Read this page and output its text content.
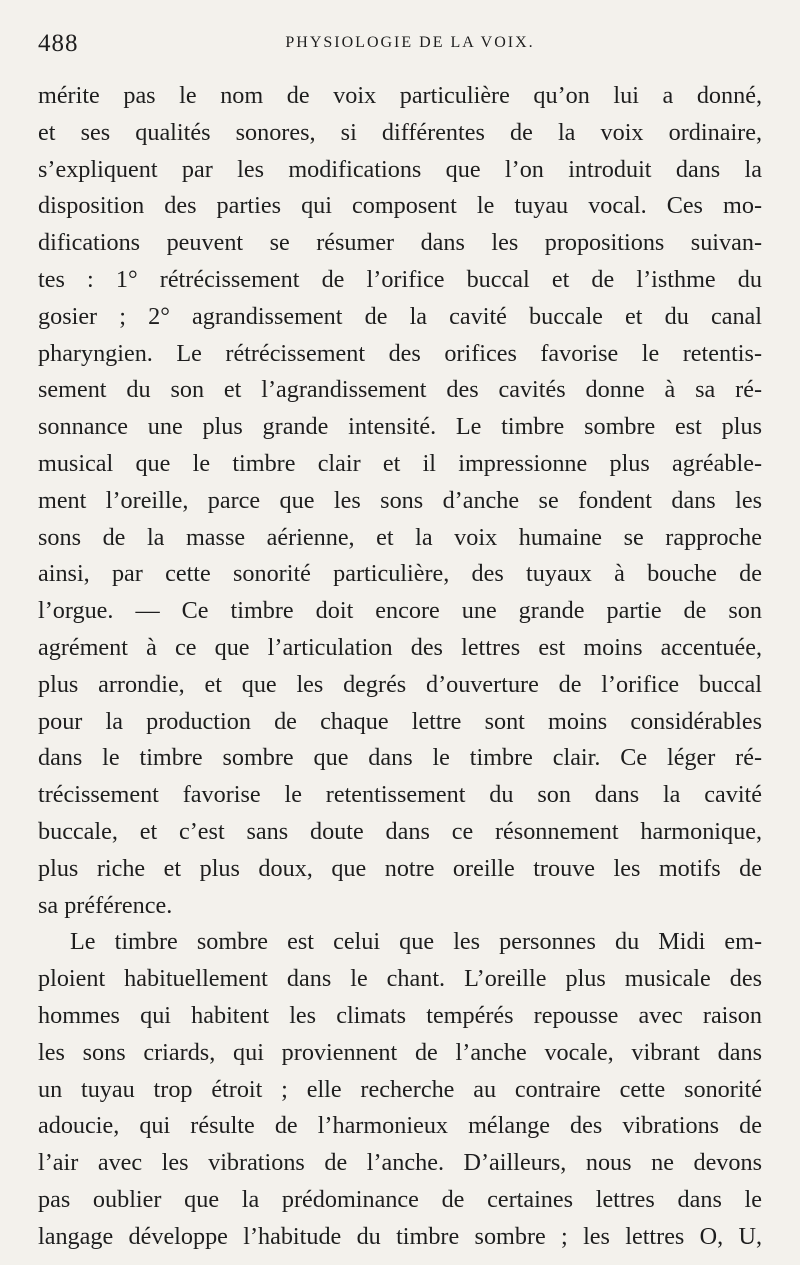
488	PHYSIOLOGIE DE LA VOIX.
mérite pas le nom de voix particulière qu’on lui a donné,
et ses qualités sonores, si différentes de la voix ordinaire,
s’expliquent par les modifications que l’on introduit dans la
disposition des parties qui composent le tuyau vocal. Ces mo-
difications peuvent se résumer dans les propositions suivan-
tes : 1° rétrécissement de l’orifice buccal et de l’isthme du
gosier ; 2° agrandissement de la cavité buccale et du canal
pharyngien. Le rétrécissement des orifices favorise le retentis-
sement du son et l’agrandissement des cavités donne à sa ré-
sonnance une plus grande intensité. Le timbre sombre est plus
musical que le timbre clair et il impressionne plus agréable-
ment l’oreille, parce que les sons d’anche se fondent dans les
sons de la masse aérienne, et la voix humaine se rapproche
ainsi, par cette sonorité particulière, des tuyaux à bouche de
l’orgue. — Ce timbre doit encore une grande partie de son
agrément à ce que l’articulation des lettres est moins accentuée,
plus arrondie, et que les degrés d’ouverture de l’orifice buccal
pour la production de chaque lettre sont moins considérables
dans le timbre sombre que dans le timbre clair. Ce léger ré-
trécissement favorise le retentissement du son dans la cavité
buccale, et c’est sans doute dans ce résonnement harmonique,
plus riche et plus doux, que notre oreille trouve les motifs de
sa préférence.
Le timbre sombre est celui que les personnes du Midi em-
ploient habituellement dans le chant. L’oreille plus musicale des
hommes qui habitent les climats tempérés repousse avec raison
les sons criards, qui proviennent de l’anche vocale, vibrant dans
un tuyau trop étroit ; elle recherche au contraire cette sonorité
adoucie, qui résulte de l’harmonieux mélange des vibrations de
l’air avec les vibrations de l’anche. D’ailleurs, nous ne devons
pas oublier que la prédominance de certaines lettres dans le
langage développe l’habitude du timbre sombre ; les lettres O, U,
